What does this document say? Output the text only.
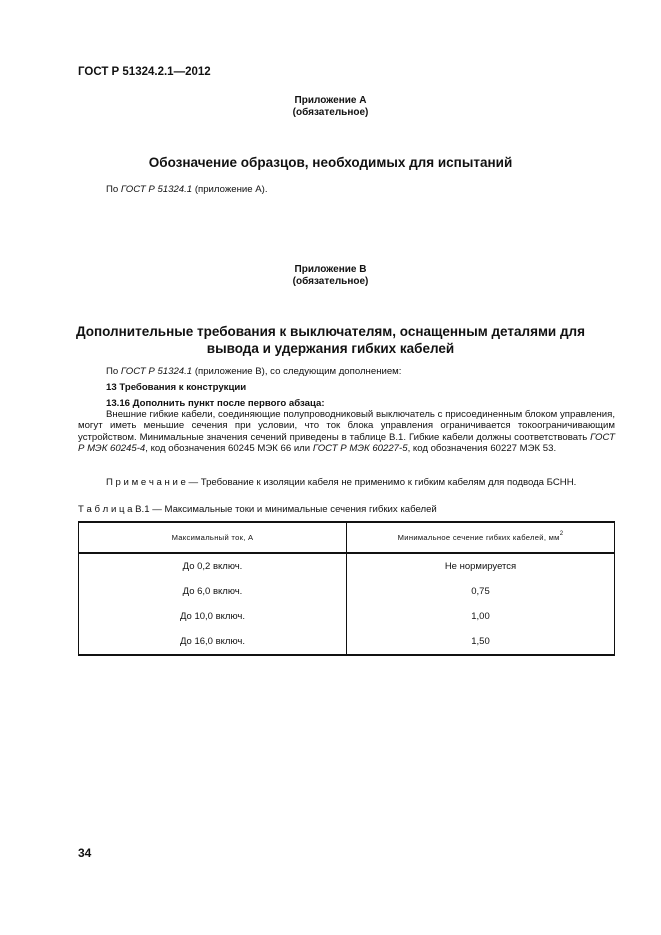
ГОСТ Р 51324.2.1—2012
Приложение А
(обязательное)
Обозначение образцов, необходимых для испытаний
По ГОСТ Р 51324.1 (приложение А).
Приложение В
(обязательное)
Дополнительные требования к выключателям, оснащенным деталями для
вывода и удержания гибких кабелей
По ГОСТ Р 51324.1 (приложение В), со следующим дополнением:
13 Требования к конструкции
13.16 Дополнить пункт после первого абзаца:
Внешние гибкие кабели, соединяющие полупроводниковый выключатель с присоединенным блоком управления, могут иметь меньшие сечения при условии, что ток блока управления ограничивается токоограничивающим устройством. Минимальные значения сечений приведены в таблице В.1. Гибкие кабели должны соответствовать ГОСТ Р МЭК 60245-4, код обозначения 60245 МЭК 66 или ГОСТ Р МЭК 60227-5, код обозначения 60227 МЭК 53.
П р и м е ч а н и е — Требование к изоляции кабеля не применимо к гибким кабелям для подвода БСНН.
Т а б л и ц а В.1 — Максимальные токи и минимальные сечения гибких кабелей
Максимальный ток, А	Минимальное сечение гибких кабелей, $мм^2$
До 0,2 включ.	Не нормируется
До 6,0 включ.	0,75
До 10,0 включ.	1,00
До 16,0 включ.	1,50
34
